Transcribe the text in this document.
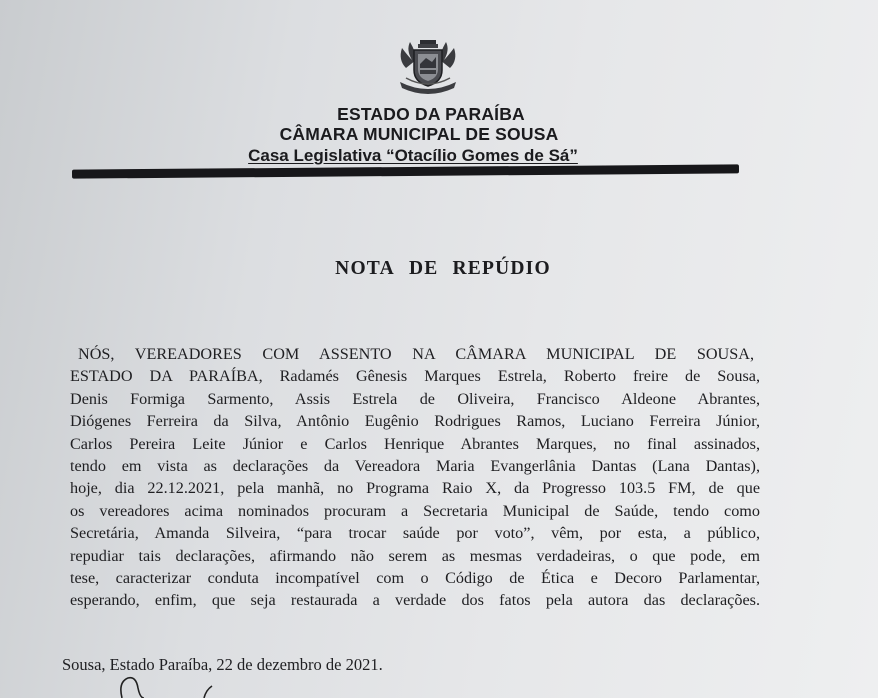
ESTADO DA PARAÍBA
CÂMARA MUNICIPAL DE SOUSA
Casa Legislativa “Otacílio Gomes de Sá”
NOTA DE REPÚDIO
NÓS, VEREADORES COM ASSENTO NA CÂMARA MUNICIPAL DE SOUSA,
ESTADO DA PARAÍBA, Radamés Gênesis Marques Estrela, Roberto freire de Sousa,
Denis Formiga Sarmento, Assis Estrela de Oliveira, Francisco Aldeone Abrantes,
Diógenes Ferreira da Silva, Antônio Eugênio Rodrigues Ramos, Luciano Ferreira Júnior,
Carlos Pereira Leite Júnior e Carlos Henrique Abrantes Marques, no final assinados,
tendo em vista as declarações da Vereadora Maria Evangerlânia Dantas (Lana Dantas),
hoje, dia 22.12.2021, pela manhã, no Programa Raio X, da Progresso 103.5 FM, de que
os vereadores acima nominados procuram a Secretaria Municipal de Saúde, tendo como
Secretária, Amanda Silveira, “para trocar saúde por voto”, vêm, por esta, a público,
repudiar tais declarações, afirmando não serem as mesmas verdadeiras, o que pode, em
tese, caracterizar conduta incompatível com o Código de Ética e Decoro Parlamentar,
esperando, enfim, que seja restaurada a verdade dos fatos pela autora das declarações.
Sousa, Estado Paraíba, 22 de dezembro de 2021.
